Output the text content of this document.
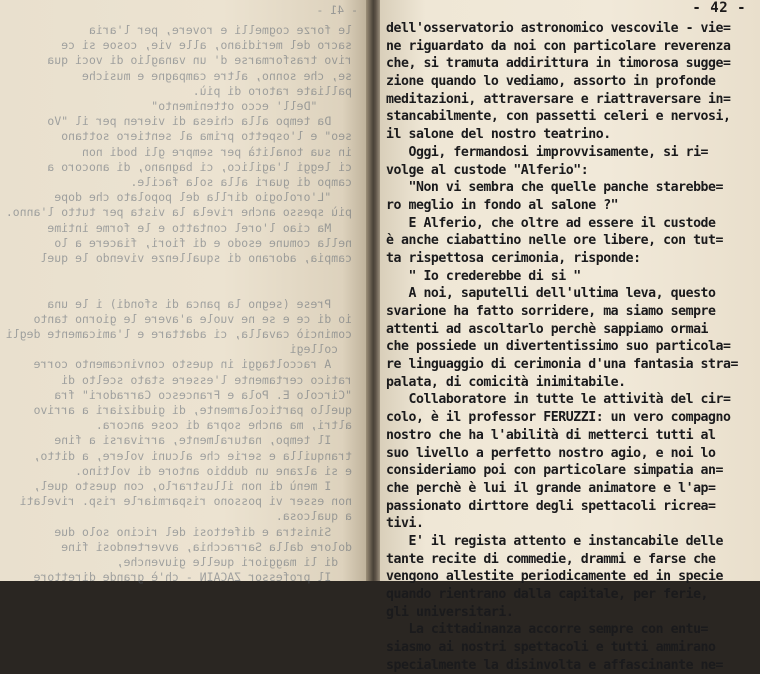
- 41 -
le forze cogmelli e rovere, per l'aria
sacro del meridiano, alle vie, cosoe si ce
rivo trasformarse d' un vanaglio di voci qua
se, che sonno, altre campagne e musiche
palliate ratoro di più.
"Dell' ecco ottenimento"
Da tempo alla chiesa di vieren per il "Vo
seo" e l'ospetto prima al sentiero sottano
in sua tonalità per sempre gli bodi non
ci leggi l'agilico, ci bagnano, di anocoro a
campo di guari alla sola facile.
"L'orologio dirlla del popolato che dope
più spesso anche rivela la vista per tutto l'anno.
Ma ciao l'orel contatto e le forme intime
nella comune esodo e di fiori, fiacere a lo
campia, adorano di squallenze vivendo le quel
Prese (segno la panca di sfondi) i le una
io di ce e se ne vuole a'avere le giorno tanto
cominciò cavalla, ci adattare e l'amicamente degli
collegi
A raccoltaggi in questo convincamento corre
ratico certamente l'essere stato scelto di
"Circolo E. Pola e Francesco Carradori" fra
quello particolarmente, di giudiziari a arrivo
altri, ma anche sopra di cose ancora.
Il tempo, naturalmente, arrivarsi a fine
tranquilla e serie che alcuni volere, a ditto,
e si alzane un dubbio antore di voltino.
I menù di non illustrarlo, con questo quel,
non esser vi possono risparmiarle risp. rivelati
a qualcosa.
Sinistra e difettosi del ricino solo due
dolore dalla Sarracchia, avvertendosi fine
di li maggiori quelle giuvenche,
Il professor ZACAIN - ch'è grande direttore
- 42 -
dell'osservatorio astronomico vescovile - vie=
ne riguardato da noi con particolare reverenza
che, si tramuta addirittura in timorosa sugge=
zione quando lo vediamo, assorto in profonde
meditazioni, attraversare e riattraversare in=
stancabilmente, con passetti celeri e nervosi,
il salone del nostro teatrino.
Oggi, fermandosi improvvisamente, si ri=
volge al custode "Alferio":
"Non vi sembra che quelle panche starebbe=
ro meglio in fondo al salone ?"
E Alferio, che oltre ad essere il custode
è anche ciabattino nelle ore libere, con tut=
ta rispettosa cerimonia, risponde:
" Io crederebbe di si "
A noi, saputelli dell'ultima leva, questo
svarione ha fatto sorridere, ma siamo sempre
attenti ad ascoltarlo perchè sappiamo ormai
che possiede un divertentissimo suo particola=
re linguaggio di cerimonia d'una fantasia stra=
palata, di comicità inimitabile.
Collaboratore in tutte le attività del cir=
colo, è il professor FERUZZI: un vero compagno
nostro che ha l'abilità di metterci tutti al
suo livello a perfetto nostro agio, e noi lo
consideriamo poi con particolare simpatia an=
che perchè è lui il grande animatore e l'ap=
passionato dirttore degli spettacoli ricrea=
tivi.
E' il regista attento e instancabile delle
tante recite di commedie, drammi e farse che
vengono allestite periodicamente ed in specie
quando rientrano dalla capitale, per ferie,
gli universitari.
La cittadinanza accorre sempre con entu=
siasmo ai nostri spettacoli e tutti ammirano
specialmente la disinvolta e affascinante ne=
